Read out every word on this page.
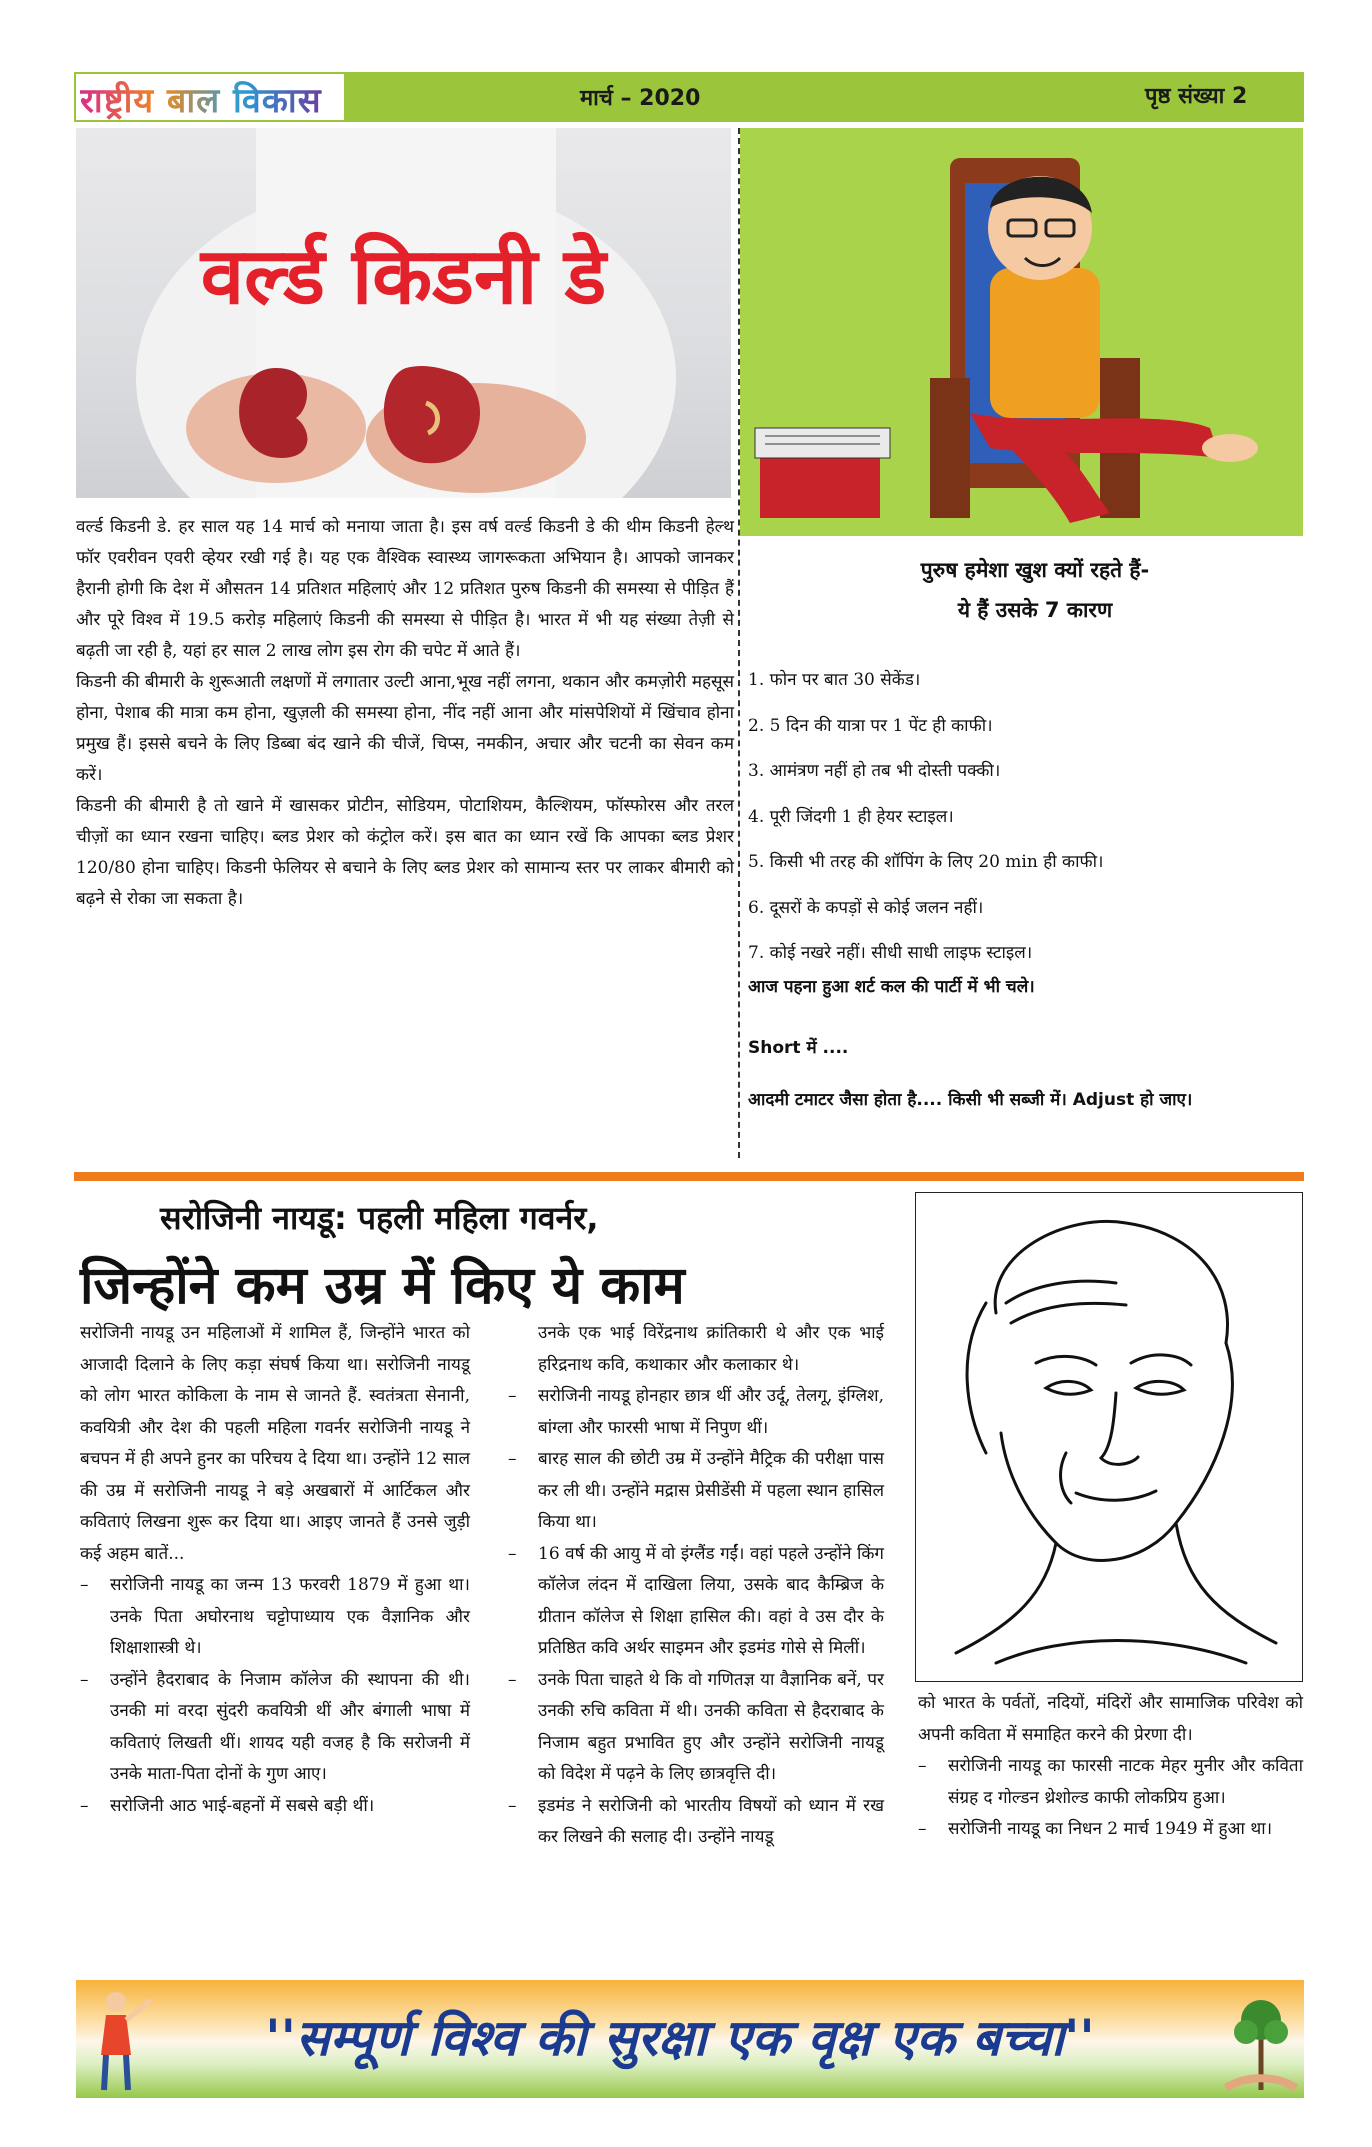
राष्ट्रीय बाल विकास	मार्च – 2020	पृष्ठ संख्या 2
वर्ल्ड किडनी डे

वर्ल्ड किडनी डे. हर साल यह 14 मार्च को मनाया जाता है। इस वर्ष वर्ल्ड किडनी डे की थीम किडनी हेल्थ फॉर एवरीवन एवरी व्हेयर रखी गई है। यह एक वैश्विक स्वास्थ्य जागरूकता अभियान है। आपको जानकर हैरानी होगी कि देश में औसतन 14 प्रतिशत महिलाएं और 12 प्रतिशत पुरुष किडनी की समस्या से पीड़ित हैं और पूरे विश्व में 19.5 करोड़ महिलाएं किडनी की समस्या से पीड़ित है। भारत में भी यह संख्या तेज़ी से बढ़ती जा रही है, यहां हर साल 2 लाख लोग इस रोग की चपेट में आते हैं।

किडनी की बीमारी के शुरूआती लक्षणों में लगातार उल्टी आना,भूख नहीं लगना, थकान और कमज़ोरी महसूस होना, पेशाब की मात्रा कम होना, खुज़ली की समस्या होना, नींद नहीं आना और मांसपेशियों में खिंचाव होना प्रमुख हैं। इससे बचने के लिए डिब्बा बंद खाने की चीजें, चिप्स, नमकीन, अचार और चटनी का सेवन कम करें।

किडनी की बीमारी है तो खाने में खासकर प्रोटीन, सोडियम, पोटाशियम, कैल्शियम, फॉस्फोरस और तरल चीज़ों का ध्यान रखना चाहिए। ब्लड प्रेशर को कंट्रोल करें। इस बात का ध्यान रखें कि आपका ब्लड प्रेशर 120/80 होना चाहिए। किडनी फेलियर से बचाने के लिए ब्लड प्रेशर को सामान्य स्तर पर लाकर बीमारी को बढ़ने से रोका जा सकता है।

पुरुष हमेशा खुश क्यों रहते हैं-
ये हैं उसके 7 कारण
1. फोन पर बात 30 सेकेंड।
2. 5 दिन की यात्रा पर 1 पेंट ही काफी।
3. आमंत्रण नहीं हो तब भी दोस्ती पक्की।
4. पूरी जिंदगी 1 ही हेयर स्टाइल।
5. किसी भी तरह की शॉपिंग के लिए 20 min ही काफी।
6. दूसरों के कपड़ों से कोई जलन नहीं।
7. कोई नखरे नहीं। सीधी साधी लाइफ स्टाइल।
आज पहना हुआ शर्ट कल की पार्टी में भी चले।
Short में ....
आदमी टमाटर जैसा होता है.... किसी भी सब्जी में। Adjust हो जाए।
सरोजिनी नायडू: पहली महिला गवर्नर,
जिन्होंने कम उम्र में किए ये काम

सरोजिनी नायडू उन महिलाओं में शामिल हैं, जिन्होंने भारत को आजादी दिलाने के लिए कड़ा संघर्ष किया था। सरोजिनी नायडू को लोग भारत कोकिला के नाम से जानते हैं. स्वतंत्रता सेनानी, कवयित्री और देश की पहली महिला गवर्नर सरोजिनी नायडू ने बचपन में ही अपने हुनर का परिचय दे दिया था। उन्होंने 12 साल की उम्र में सरोजिनी नायडू ने बड़े अखबारों में आर्टिकल और कविताएं लिखना शुरू कर दिया था। आइए जानते हैं उनसे जुड़ी कई अहम बातें...

–	सरोजिनी नायडू का जन्म 13 फरवरी 1879 में हुआ था। उनके पिता अघोरनाथ चट्टोपाध्याय एक वैज्ञानिक और शिक्षाशास्त्री थे।
–	उन्होंने हैदराबाद के निजाम कॉलेज की स्थापना की थी। उनकी मां वरदा सुंदरी कवयित्री थीं और बंगाली भाषा में कविताएं लिखती थीं। शायद यही वजह है कि सरोजनी में उनके माता-पिता दोनों के गुण आए।
–	सरोजिनी आठ भाई-बहनों में सबसे बड़ी थीं।
उनके एक भाई विरेंद्रनाथ क्रांतिकारी थे और एक भाई हरिद्रनाथ कवि, कथाकार और कलाकार थे।
–	सरोजिनी नायडू होनहार छात्र थीं और उर्दू, तेलगू, इंग्लिश, बांग्ला और फारसी भाषा में निपुण थीं।
–	बारह साल की छोटी उम्र में उन्होंने मैट्रिक की परीक्षा पास कर ली थी। उन्होंने मद्रास प्रेसीडेंसी में पहला स्थान हासिल किया था।
–	16 वर्ष की आयु में वो इंग्लैंड गईं। वहां पहले उन्होंने किंग कॉलेज लंदन में दाखिला लिया, उसके बाद कैम्ब्रिज के ग्रीतान कॉलेज से शिक्षा हासिल की। वहां वे उस दौर के प्रतिष्ठित कवि अर्थर साइमन और इडमंड गोसे से मिलीं।
–	उनके पिता चाहते थे कि वो गणितज्ञ या वैज्ञानिक बनें, पर उनकी रुचि कविता में थी। उनकी कविता से हैदराबाद के निजाम बहुत प्रभावित हुए और उन्होंने सरोजिनी नायडू को विदेश में पढ़ने के लिए छात्रवृत्ति दी।
–	इडमंड ने सरोजिनी को भारतीय विषयों को ध्यान में रख कर लिखने की सलाह दी। उन्होंने नायडू

को भारत के पर्वतों, नदियों, मंदिरों और सामाजिक परिवेश को अपनी कविता में समाहित करने की प्रेरणा दी।

–	सरोजिनी नायडू का फारसी नाटक मेहर मुनीर और कविता संग्रह द गोल्डन थ्रेशोल्ड काफी लोकप्रिय हुआ।
–	सरोजिनी नायडू का निधन 2 मार्च 1949 में हुआ था।
''सम्पूर्ण विश्व की सुरक्षा एक वृक्ष एक बच्चा''
